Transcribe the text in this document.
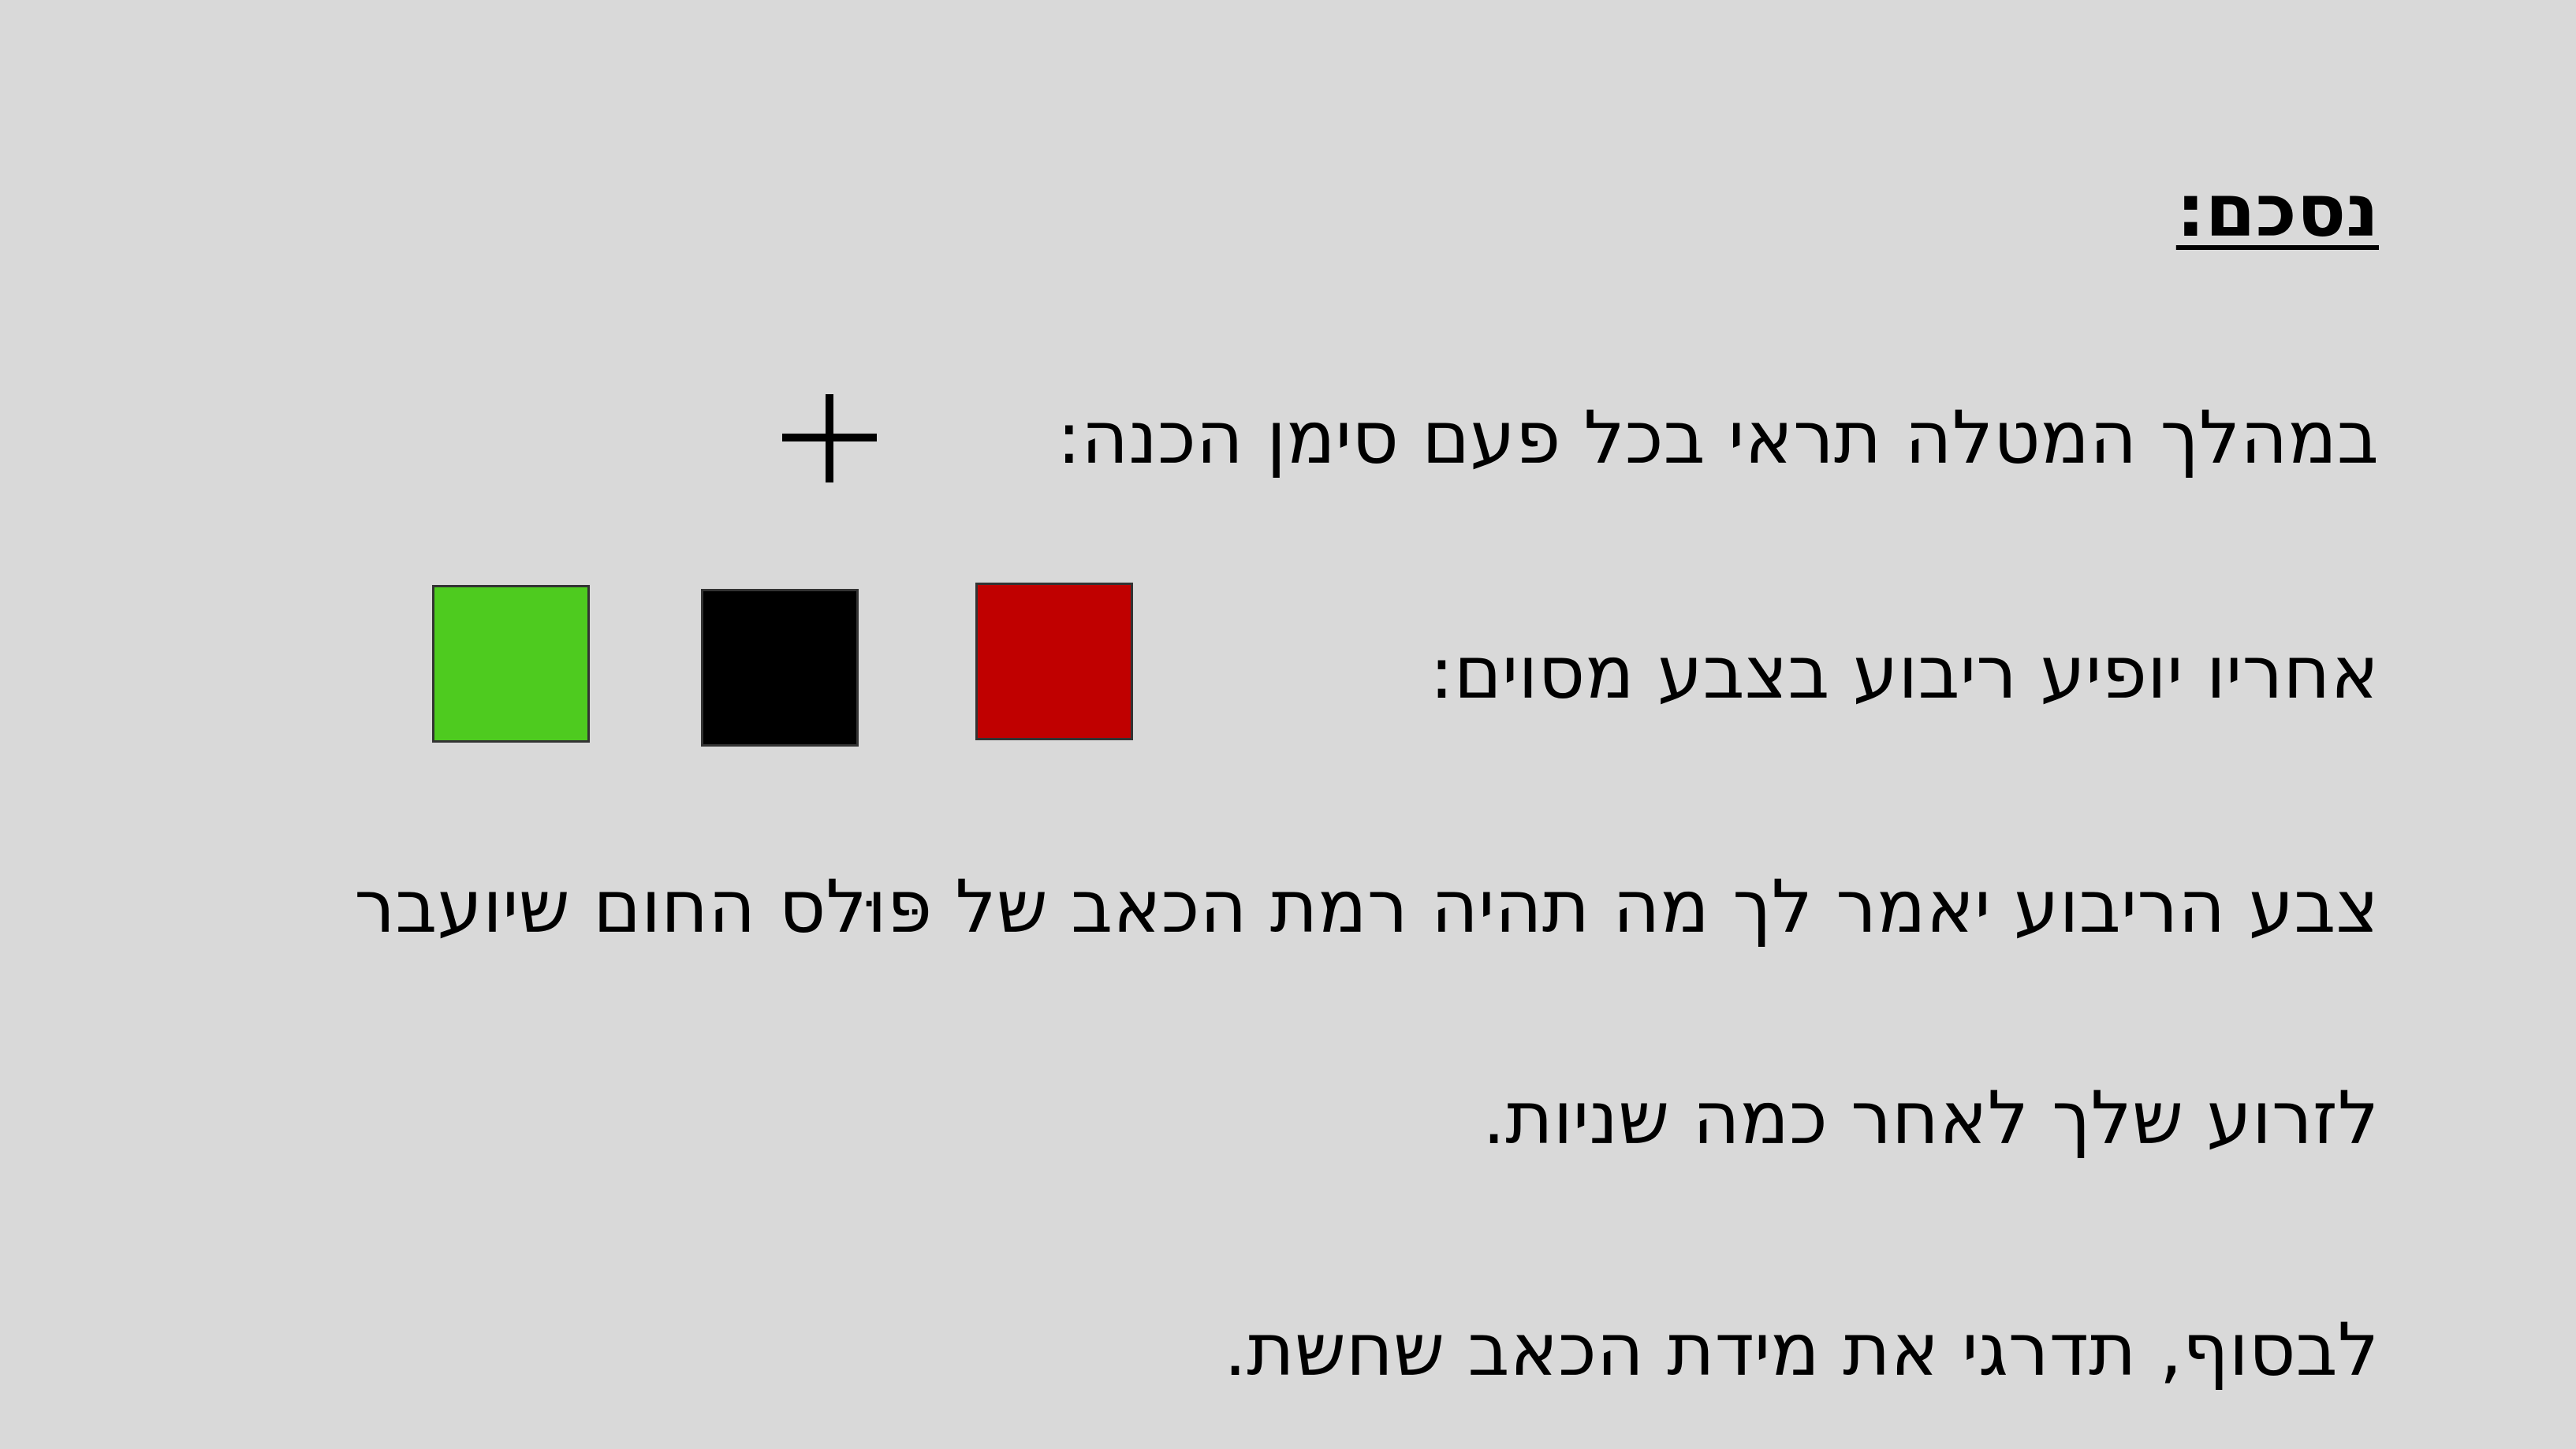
נסכם:

במהלך המטלה תראי בכל פעם סימן הכנה:

אחריו יופיע ריבוע בצבע מסוים:

צבע הריבוע יאמר לך מה תהיה רמת הכאב של פּוּלס החום שיועבר

לזרוע שלך לאחר כמה שניות.

לבסוף, תדרגי את מידת הכאב שחשת.
